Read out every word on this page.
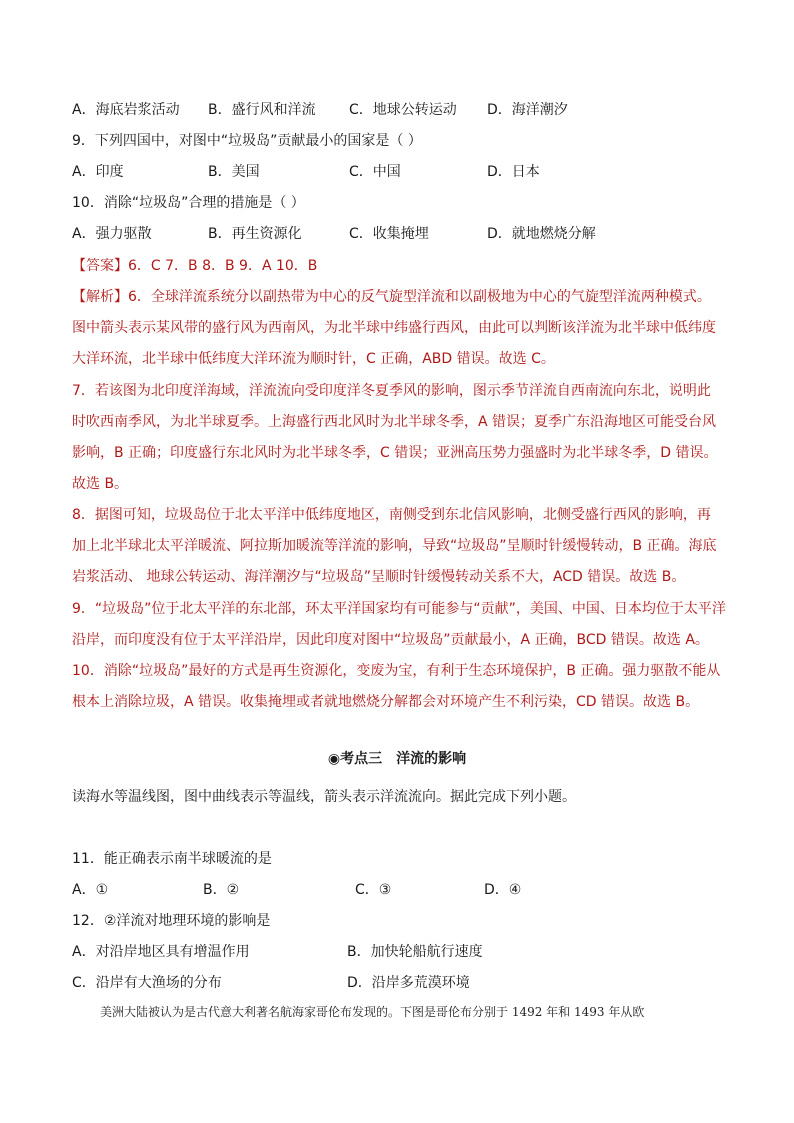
A．海底岩浆活动 B．盛行风和洋流 C．地球公转运动 D．海洋潮汐
9．下列四国中，对图中“垃圾岛”贡献最小的国家是（ ）
A．印度	B．美国	C．中国	D．日本
10．消除“垃圾岛”合理的措施是（ ）
A．强力驱散	B．再生资源化	C．收集掩埋	D．就地燃烧分解
【答案】6．C 7．B 8．B 9．A 10．B
【解析】6．全球洋流系统分以副热带为中心的反气旋型洋流和以副极地为中心的气旋型洋流两种模式。
图中箭头表示某风带的盛行风为西南风，为北半球中纬盛行西风，由此可以判断该洋流为北半球中低纬度
大洋环流，北半球中低纬度大洋环流为顺时针，C 正确，ABD 错误。故选 C。
7．若该图为北印度洋海域，洋流流向受印度洋冬夏季风的影响，图示季节洋流自西南流向东北，说明此
时吹西南季风，为北半球夏季。上海盛行西北风时为北半球冬季，A 错误；夏季广东沿海地区可能受台风
影响，B 正确；印度盛行东北风时为北半球冬季，C 错误；亚洲高压势力强盛时为北半球冬季，D 错误。
故选 B。
8．据图可知，垃圾岛位于北太平洋中低纬度地区，南侧受到东北信风影响，北侧受盛行西风的影响，再
加上北半球北太平洋暖流、阿拉斯加暖流等洋流的影响，导致“垃圾岛”呈顺时针缓慢转动，B 正确。海底
岩浆活动、 地球公转运动、海洋潮汐与“垃圾岛”呈顺时针缓慢转动关系不大，ACD 错误。故选 B。
9．“垃圾岛”位于北太平洋的东北部，环太平洋国家均有可能参与“贡献”，美国、中国、日本均位于太平洋
沿岸，而印度没有位于太平洋沿岸，因此印度对图中“垃圾岛”贡献最小，A 正确，BCD 错误。故选 A。
10．消除“垃圾岛”最好的方式是再生资源化，变废为宝，有利于生态环境保护，B 正确。强力驱散不能从
根本上消除垃圾，A 错误。收集掩埋或者就地燃烧分解都会对环境产生不利污染，CD 错误。故选 B。
◉考点三　洋流的影响
读海水等温线图，图中曲线表示等温线，箭头表示洋流流向。据此完成下列小题。
11．能正确表示南半球暖流的是
A．①	B．②	C．③	D．④
12．②洋流对地理环境的影响是
A．对沿岸地区具有增温作用	B．加快轮船航行速度
C．沿岸有大渔场的分布	D．沿岸多荒漠环境
美洲大陆被认为是古代意大利著名航海家哥伦布发现的。下图是哥伦布分别于 1492 年和 1493 年从欧
